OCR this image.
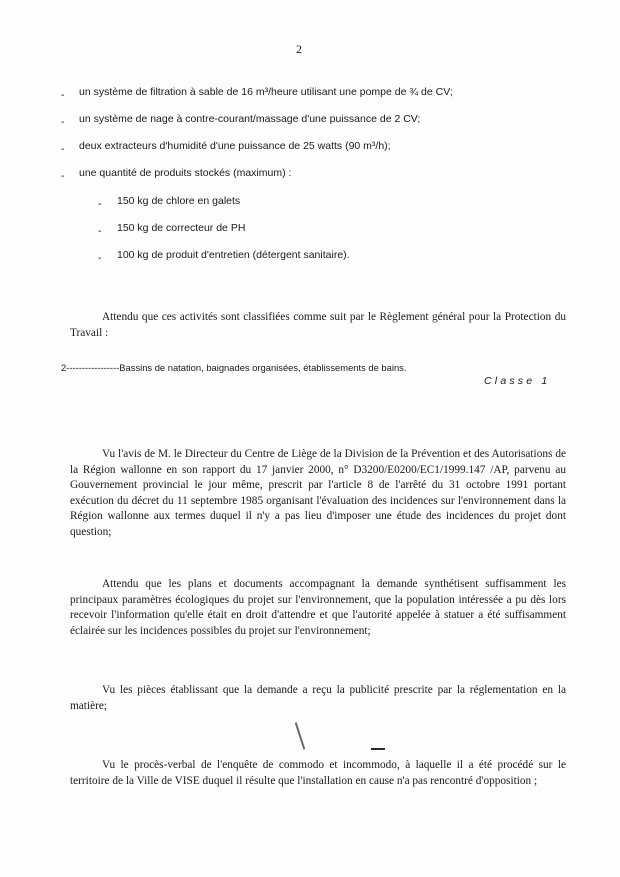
2
- un système de filtration à sable de 16 m³/heure utilisant une pompe de ¾ de CV;
- un système de nage à contre-courant/massage d'une puissance de 2 CV;
- deux extracteurs d'humidité d'une puissance de 25 watts (90 m³/h);
- une quantité de produits stockés (maximum) :
- 150 kg de chlore en galets
- 150 kg de correcteur de PH
- 100 kg de produit d'entretien (détergent sanitaire).
Attendu que ces activités sont classifiées comme suit par le Règlement général pour la Protection du Travail :
2-----------------Bassins de natation, baignades organisées, établissements de bains.
Classe 1
Vu l'avis de M. le Directeur du Centre de Liège de la Division de la Prévention et des Autorisations de la Région wallonne en son rapport du 17 janvier 2000, n° D3200/E0200/EC1/1999.147 /AP, parvenu au Gouvernement provincial le jour même, prescrit par l'article 8 de l'arrêté du 31 octobre 1991 portant exécution du décret du 11 septembre 1985 organisant l'évaluation des incidences sur l'environnement dans la Région wallonne aux termes duquel il n'y a pas lieu d'imposer une étude des incidences du projet dont question;
Attendu que les plans et documents accompagnant la demande synthétisent suffisamment les principaux paramètres écologiques du projet sur l'environnement, que la population intéressée a pu dès lors recevoir l'information qu'elle était en droit d'attendre et que l'autorité appelée à statuer a été suffisamment éclairée sur les incidences possibles du projet sur l'environnement;
Vu les pièces établissant que la demande a reçu la publicité prescrite par la réglementation en la matière;
Vu le procès-verbal de l'enquête de commodo et incommodo, à laquelle il a été procédé sur le territoire de la Ville de VISE duquel il résulte que l'installation en cause n'a pas rencontré d'opposition ;
